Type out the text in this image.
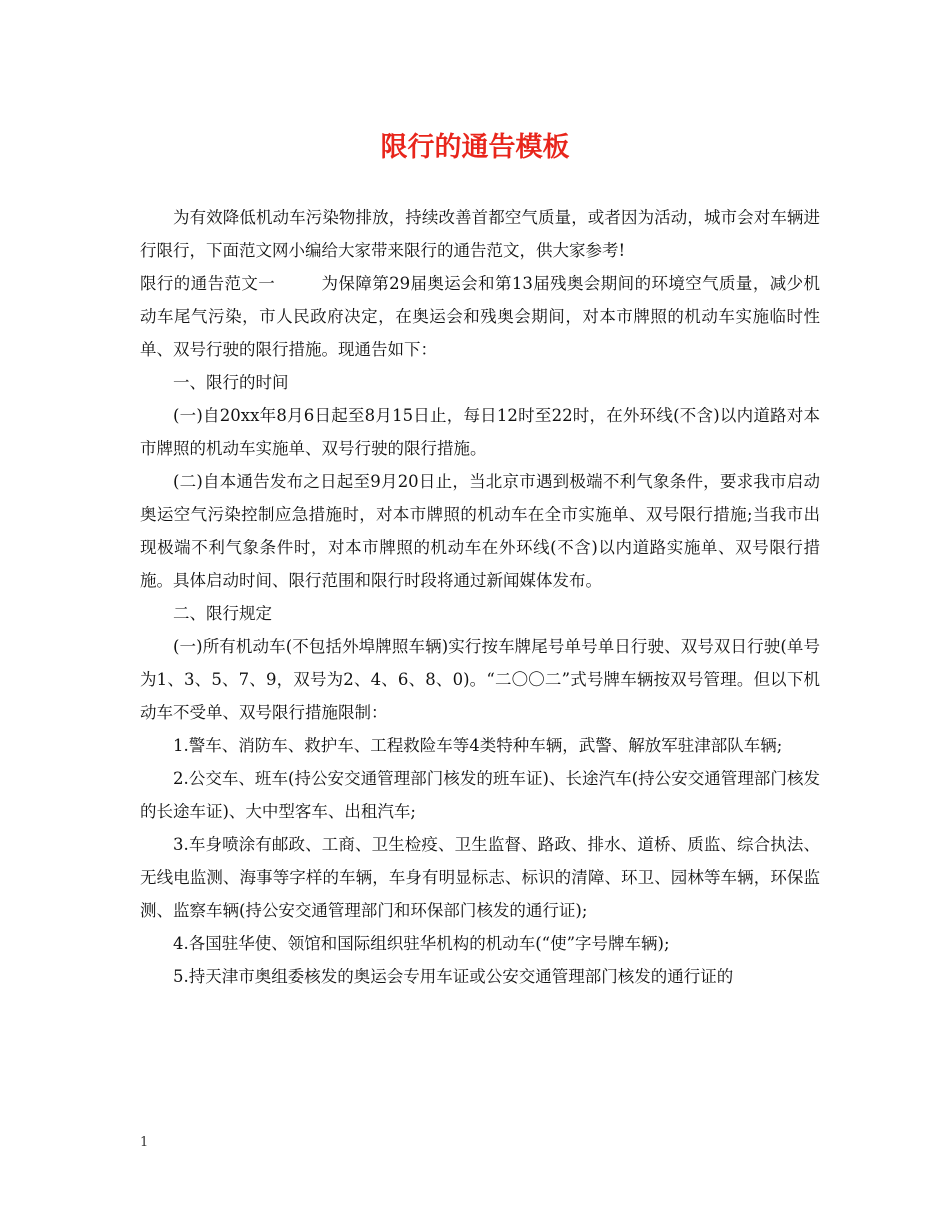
限行的通告模板

为有效降低机动车污染物排放，持续改善首都空气质量，或者因为活动，城市会对车辆进行限行，下面范文网小编给大家带来限行的通告范文，供大家参考!

限行的通告范文一	为保障第29届奥运会和第13届残奥会期间的环境空气质量，减少机动车尾气污染，市人民政府决定，在奥运会和残奥会期间，对本市牌照的机动车实施临时性单、双号行驶的限行措施。现通告如下：

一、限行的时间

(一)自20xx年8月6日起至8月15日止，每日12时至22时，在外环线(不含)以内道路对本市牌照的机动车实施单、双号行驶的限行措施。

(二)自本通告发布之日起至9月20日止，当北京市遇到极端不利气象条件，要求我市启动奥运空气污染控制应急措施时，对本市牌照的机动车在全市实施单、双号限行措施;当我市出现极端不利气象条件时，对本市牌照的机动车在外环线(不含)以内道路实施单、双号限行措施。具体启动时间、限行范围和限行时段将通过新闻媒体发布。

二、限行规定

(一)所有机动车(不包括外埠牌照车辆)实行按车牌尾号单号单日行驶、双号双日行驶(单号为1、3、5、7、9，双号为2、4、6、8、0)。“二〇〇二”式号牌车辆按双号管理。但以下机动车不受单、双号限行措施限制：

1.警车、消防车、救护车、工程救险车等4类特种车辆，武警、解放军驻津部队车辆;

2.公交车、班车(持公安交通管理部门核发的班车证)、长途汽车(持公安交通管理部门核发的长途车证)、大中型客车、出租汽车;

3.车身喷涂有邮政、工商、卫生检疫、卫生监督、路政、排水、道桥、质监、综合执法、无线电监测、海事等字样的车辆，车身有明显标志、标识的清障、环卫、园林等车辆，环保监测、监察车辆(持公安交通管理部门和环保部门核发的通行证);

4.各国驻华使、领馆和国际组织驻华机构的机动车(“使”字号牌车辆);

5.持天津市奥组委核发的奥运会专用车证或公安交通管理部门核发的通行证的

1
